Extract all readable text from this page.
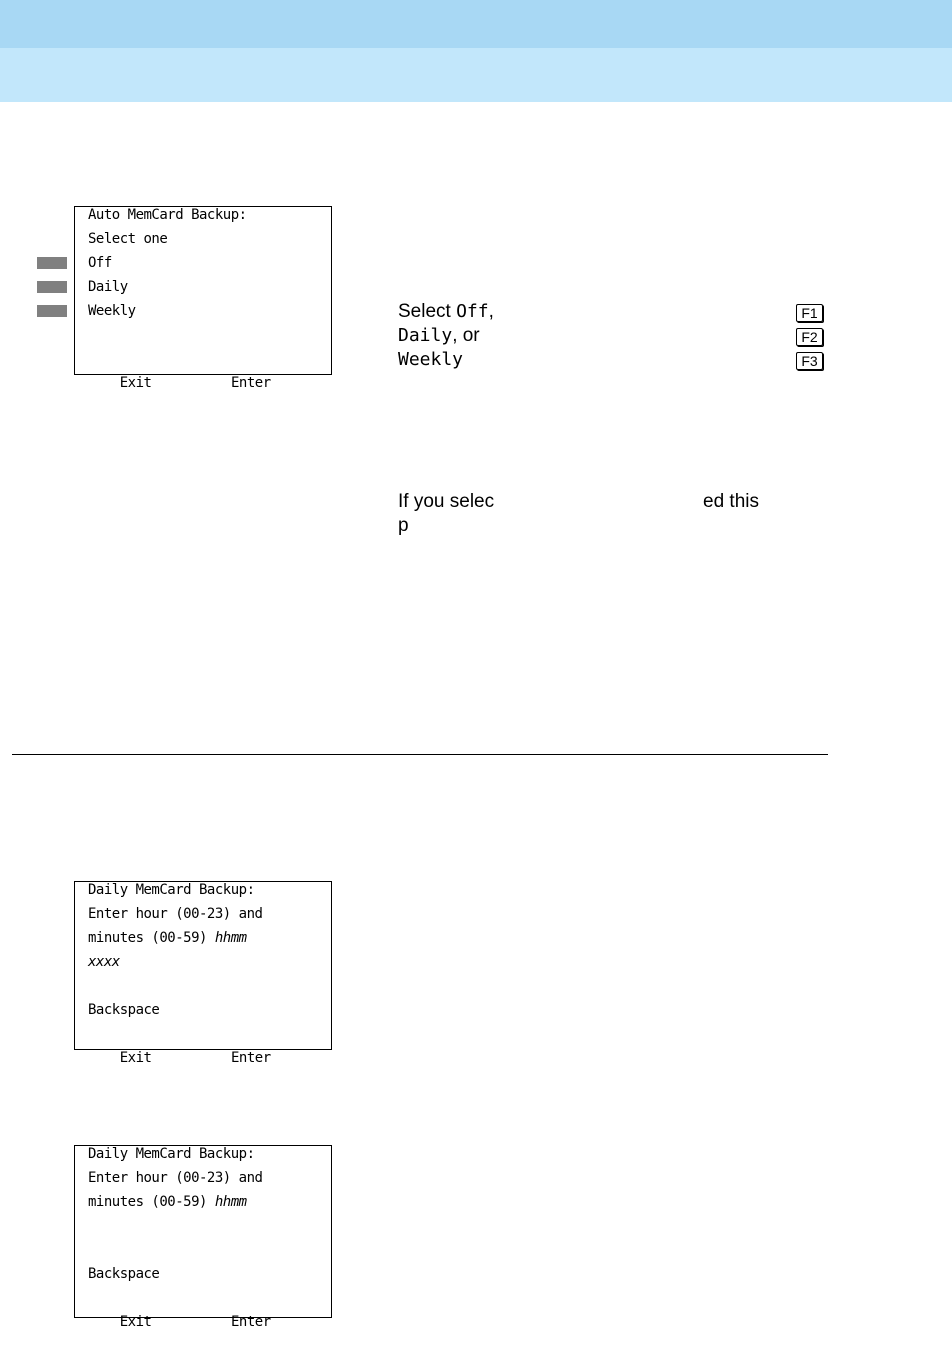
Auto MemCard Backup:
Select one
Off
Daily
Weekly

Exit	Enter

Select Off,
Daily, or
Weekly
F1
F2
F3
If you selec	ed this
p
Daily MemCard Backup:
Enter hour (00-23) and
minutes (00-59) hhmm
xxxx
Backspace

Exit	Enter

Daily MemCard Backup:
Enter hour (00-23) and
minutes (00-59) hhmm
Backspace

Exit	Enter
